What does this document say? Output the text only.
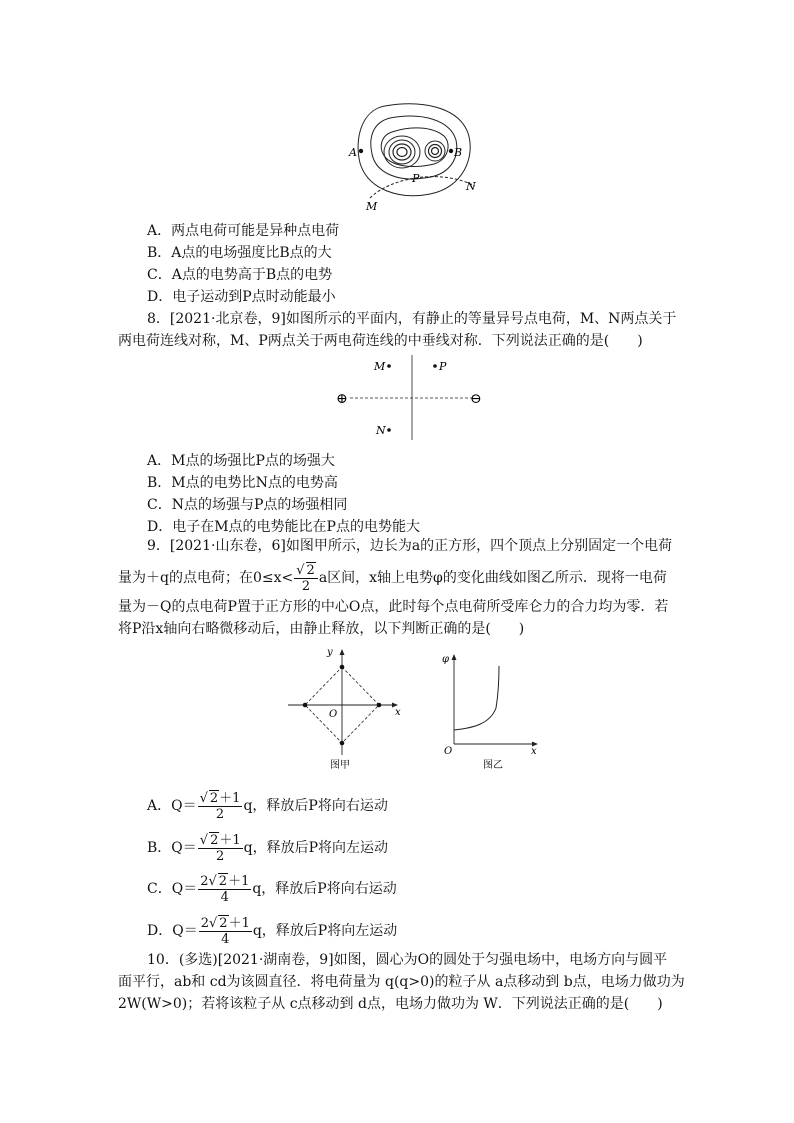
A	B
P
M
N
A．两点电荷可能是异种点电荷
B．A点的电场强度比B点的大
C．A点的电势高于B点的电势
D．电子运动到P点时动能最小
8．[2021·北京卷，9]如图所示的平面内，有静止的等量异号点电荷，M、N两点关于
两电荷连线对称，M、P两点关于两电荷连线的中垂线对称．下列说法正确的是(　　)
⊕	⊖
M	P
N
A．M点的场强比P点的场强大
B．M点的电势比N点的电势高
C．N点的场强与P点的场强相同
D．电子在M点的电势能比在P点的电势能大
9．[2021·山东卷，6]如图甲所示，边长为a的正方形，四个顶点上分别固定一个电荷
量为＋q的点电荷；在$0\le x< \frac{√ 2}{2}$ a区间，x轴上电势φ的变化曲线如图乙所示．现将一电荷
量为－Q的点电荷P置于正方形的中心O点，此时每个点电荷所受库仑力的合力均为零．若
将P沿x轴向右略微移动后，由静止释放，以下判断正确的是(　　)
y
x
O
图甲
φ
x
O
图乙
A．$Q= \frac{√ 2+1}{2}$ q，释放后P将向右运动
B．$Q= \frac{√ 2+1}{2}$ q，释放后P将向左运动
C．$Q= \frac{2√ 2+1}{4}$ q，释放后P将向右运动
D．$Q= \frac{2√ 2+1}{4}$ q，释放后P将向左运动
10．(多选)[2021·湖南卷，9]如图，圆心为O的圆处于匀强电场中，电场方向与圆平
面平行，ab和 cd为该圆直径．将电荷量为 q(q>0)的粒子从 a点移动到 b点，电场力做功为
2W(W>0)；若将该粒子从 c点移动到 d点，电场力做功为 W．下列说法正确的是(　　)
